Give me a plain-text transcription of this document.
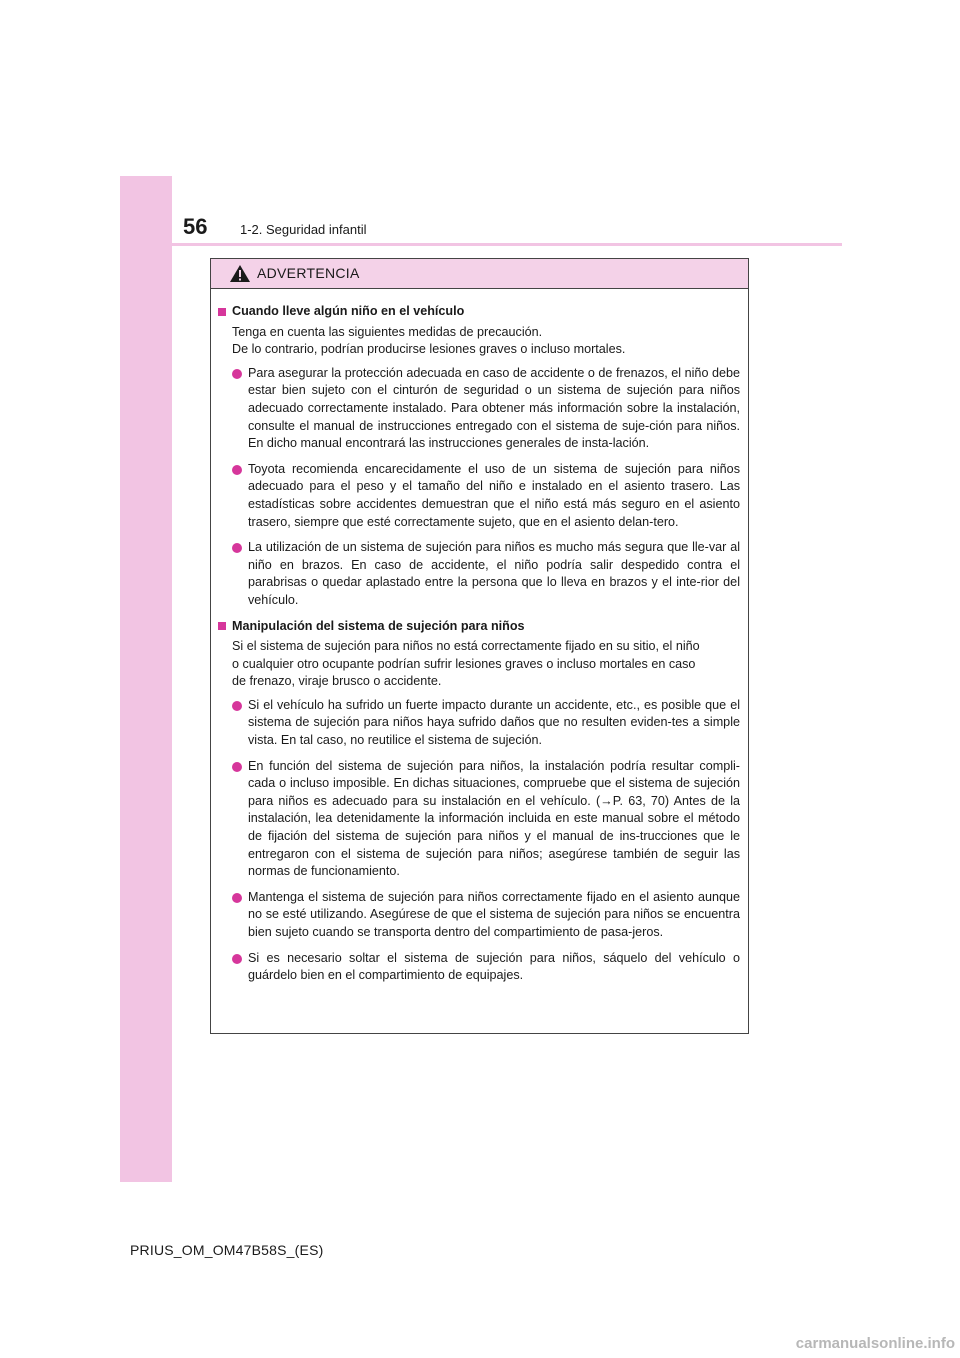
56	1-2. Seguridad infantil
ADVERTENCIA
Cuando lleve algún niño en el vehículo
Tenga en cuenta las siguientes medidas de precaución.
De lo contrario, podrían producirse lesiones graves o incluso mortales.
Para asegurar la protección adecuada en caso de accidente o de frenazos, el niño debe estar bien sujeto con el cinturón de seguridad o un sistema de sujeción para niños adecuado correctamente instalado. Para obtener más información sobre la instalación, consulte el manual de instrucciones entregado con el sistema de suje-ción para niños. En dicho manual encontrará las instrucciones generales de insta-lación.
Toyota recomienda encarecidamente el uso de un sistema de sujeción para niños adecuado para el peso y el tamaño del niño e instalado en el asiento trasero. Las estadísticas sobre accidentes demuestran que el niño está más seguro en el asiento trasero, siempre que esté correctamente sujeto, que en el asiento delan-tero.
La utilización de un sistema de sujeción para niños es mucho más segura que lle-var al niño en brazos. En caso de accidente, el niño podría salir despedido contra el parabrisas o quedar aplastado entre la persona que lo lleva en brazos y el inte-rior del vehículo.
Manipulación del sistema de sujeción para niños
Si el sistema de sujeción para niños no está correctamente fijado en su sitio, el niño
o cualquier otro ocupante podrían sufrir lesiones graves o incluso mortales en caso
de frenazo, viraje brusco o accidente.
Si el vehículo ha sufrido un fuerte impacto durante un accidente, etc., es posible que el sistema de sujeción para niños haya sufrido daños que no resulten eviden-tes a simple vista. En tal caso, no reutilice el sistema de sujeción.
En función del sistema de sujeción para niños, la instalación podría resultar compli-cada o incluso imposible. En dichas situaciones, compruebe que el sistema de sujeción para niños es adecuado para su instalación en el vehículo. (→P. 63, 70) Antes de la instalación, lea detenidamente la información incluida en este manual sobre el método de fijación del sistema de sujeción para niños y el manual de ins-trucciones que le entregaron con el sistema de sujeción para niños; asegúrese también de seguir las normas de funcionamiento.
Mantenga el sistema de sujeción para niños correctamente fijado en el asiento aunque no se esté utilizando. Asegúrese de que el sistema de sujeción para niños se encuentra bien sujeto cuando se transporta dentro del compartimiento de pasa-jeros.
Si es necesario soltar el sistema de sujeción para niños, sáquelo del vehículo o guárdelo bien en el compartimiento de equipajes.
PRIUS_OM_OM47B58S_(ES)
carmanualsonline.info
